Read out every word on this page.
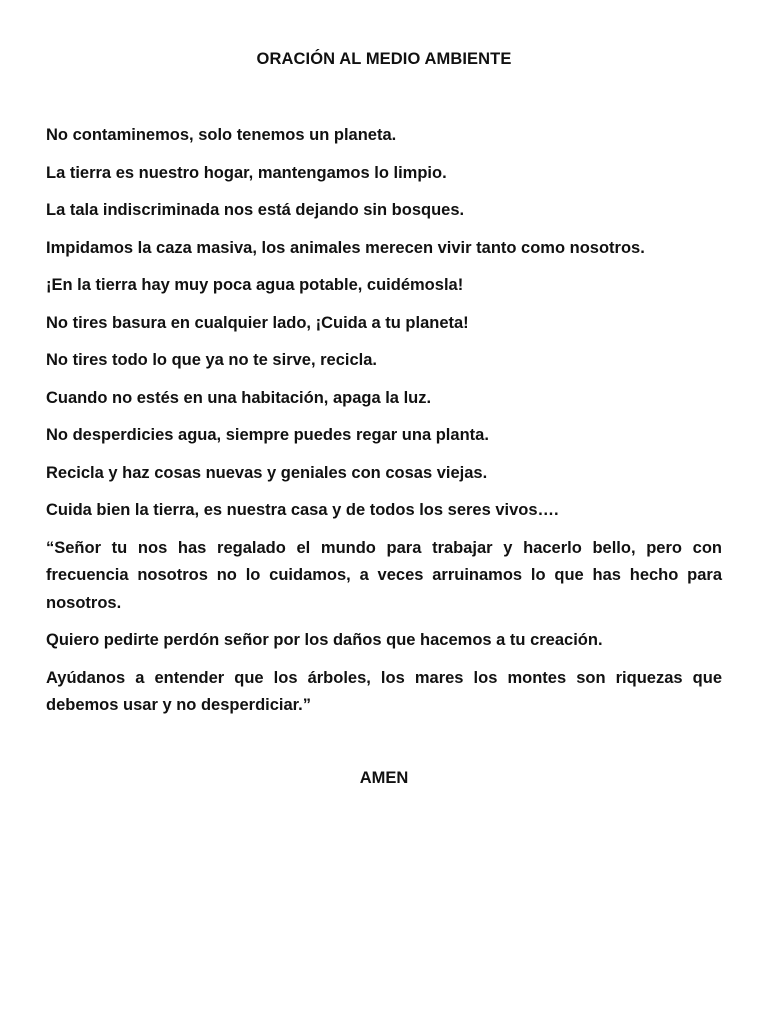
ORACIÓN AL MEDIO AMBIENTE
No contaminemos, solo tenemos un planeta.
La tierra es nuestro hogar, mantengamos lo limpio.
La tala indiscriminada nos está dejando sin bosques.
Impidamos la caza masiva, los animales merecen vivir tanto como nosotros.
¡En la tierra hay muy poca agua potable, cuidémosla!
No tires basura en cualquier lado, ¡Cuida a tu planeta!
No tires todo lo que ya no te sirve, recicla.
Cuando no estés en una habitación, apaga la luz.
No desperdicies agua, siempre puedes regar una planta.
Recicla y haz cosas nuevas y geniales con cosas viejas.
Cuida bien la tierra, es nuestra casa y de todos los seres vivos….
“Señor tu nos has regalado el mundo para trabajar y hacerlo bello, pero con frecuencia nosotros no lo cuidamos, a veces arruinamos lo que has hecho para nosotros.
Quiero pedirte perdón señor por los daños que hacemos a tu creación.
Ayúdanos a entender que los árboles, los mares los montes son riquezas que debemos usar y no desperdiciar.”
AMEN
